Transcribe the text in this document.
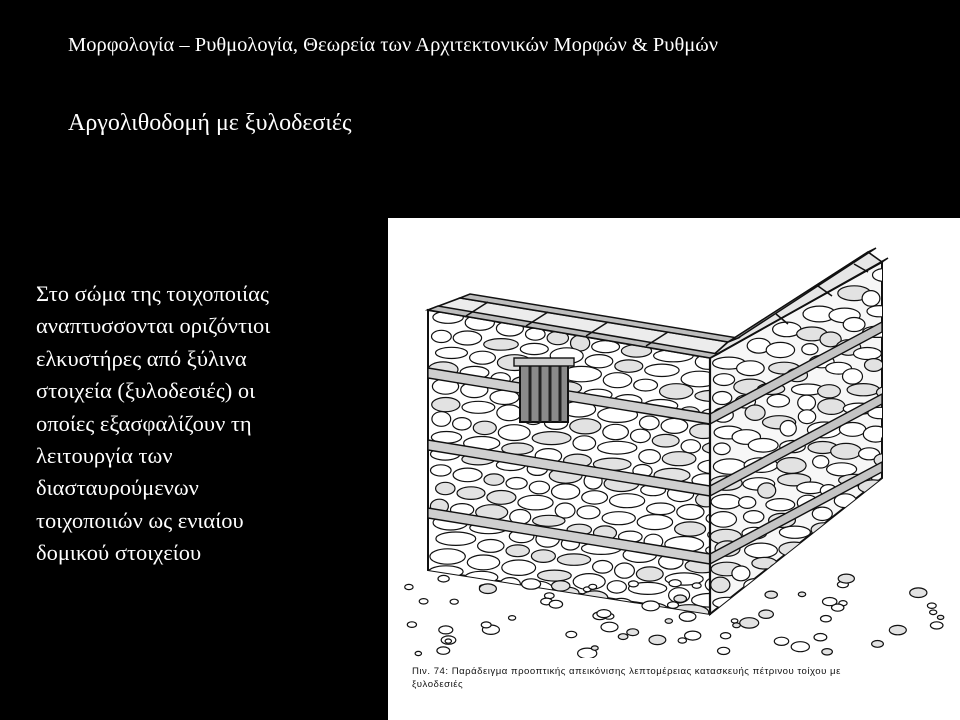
Μορφολογία – Ρυθμολογία, Θεωρεία των Αρχιτεκτονικών Μορφών & Ρυθμών
Αργολιθοδομή με ξυλοδεσιές
Στο σώμα της τοιχοποιίας
αναπτυσσονται οριζόντιοι
ελκυστήρες από ξύλινα
στοιχεία (ξυλοδεσιές) οι
οποίες εξασφαλίζουν τη
λειτουργία των
διασταυρούμενων
τοιχοποιιών ως ενιαίου
δομικού στοιχείου
Πιν. 74: Παράδειγμα προοπτικής απεικόνισης λεπτομέρειας κατασκευής πέτρινου τοίχου με
ξυλοδεσιές
